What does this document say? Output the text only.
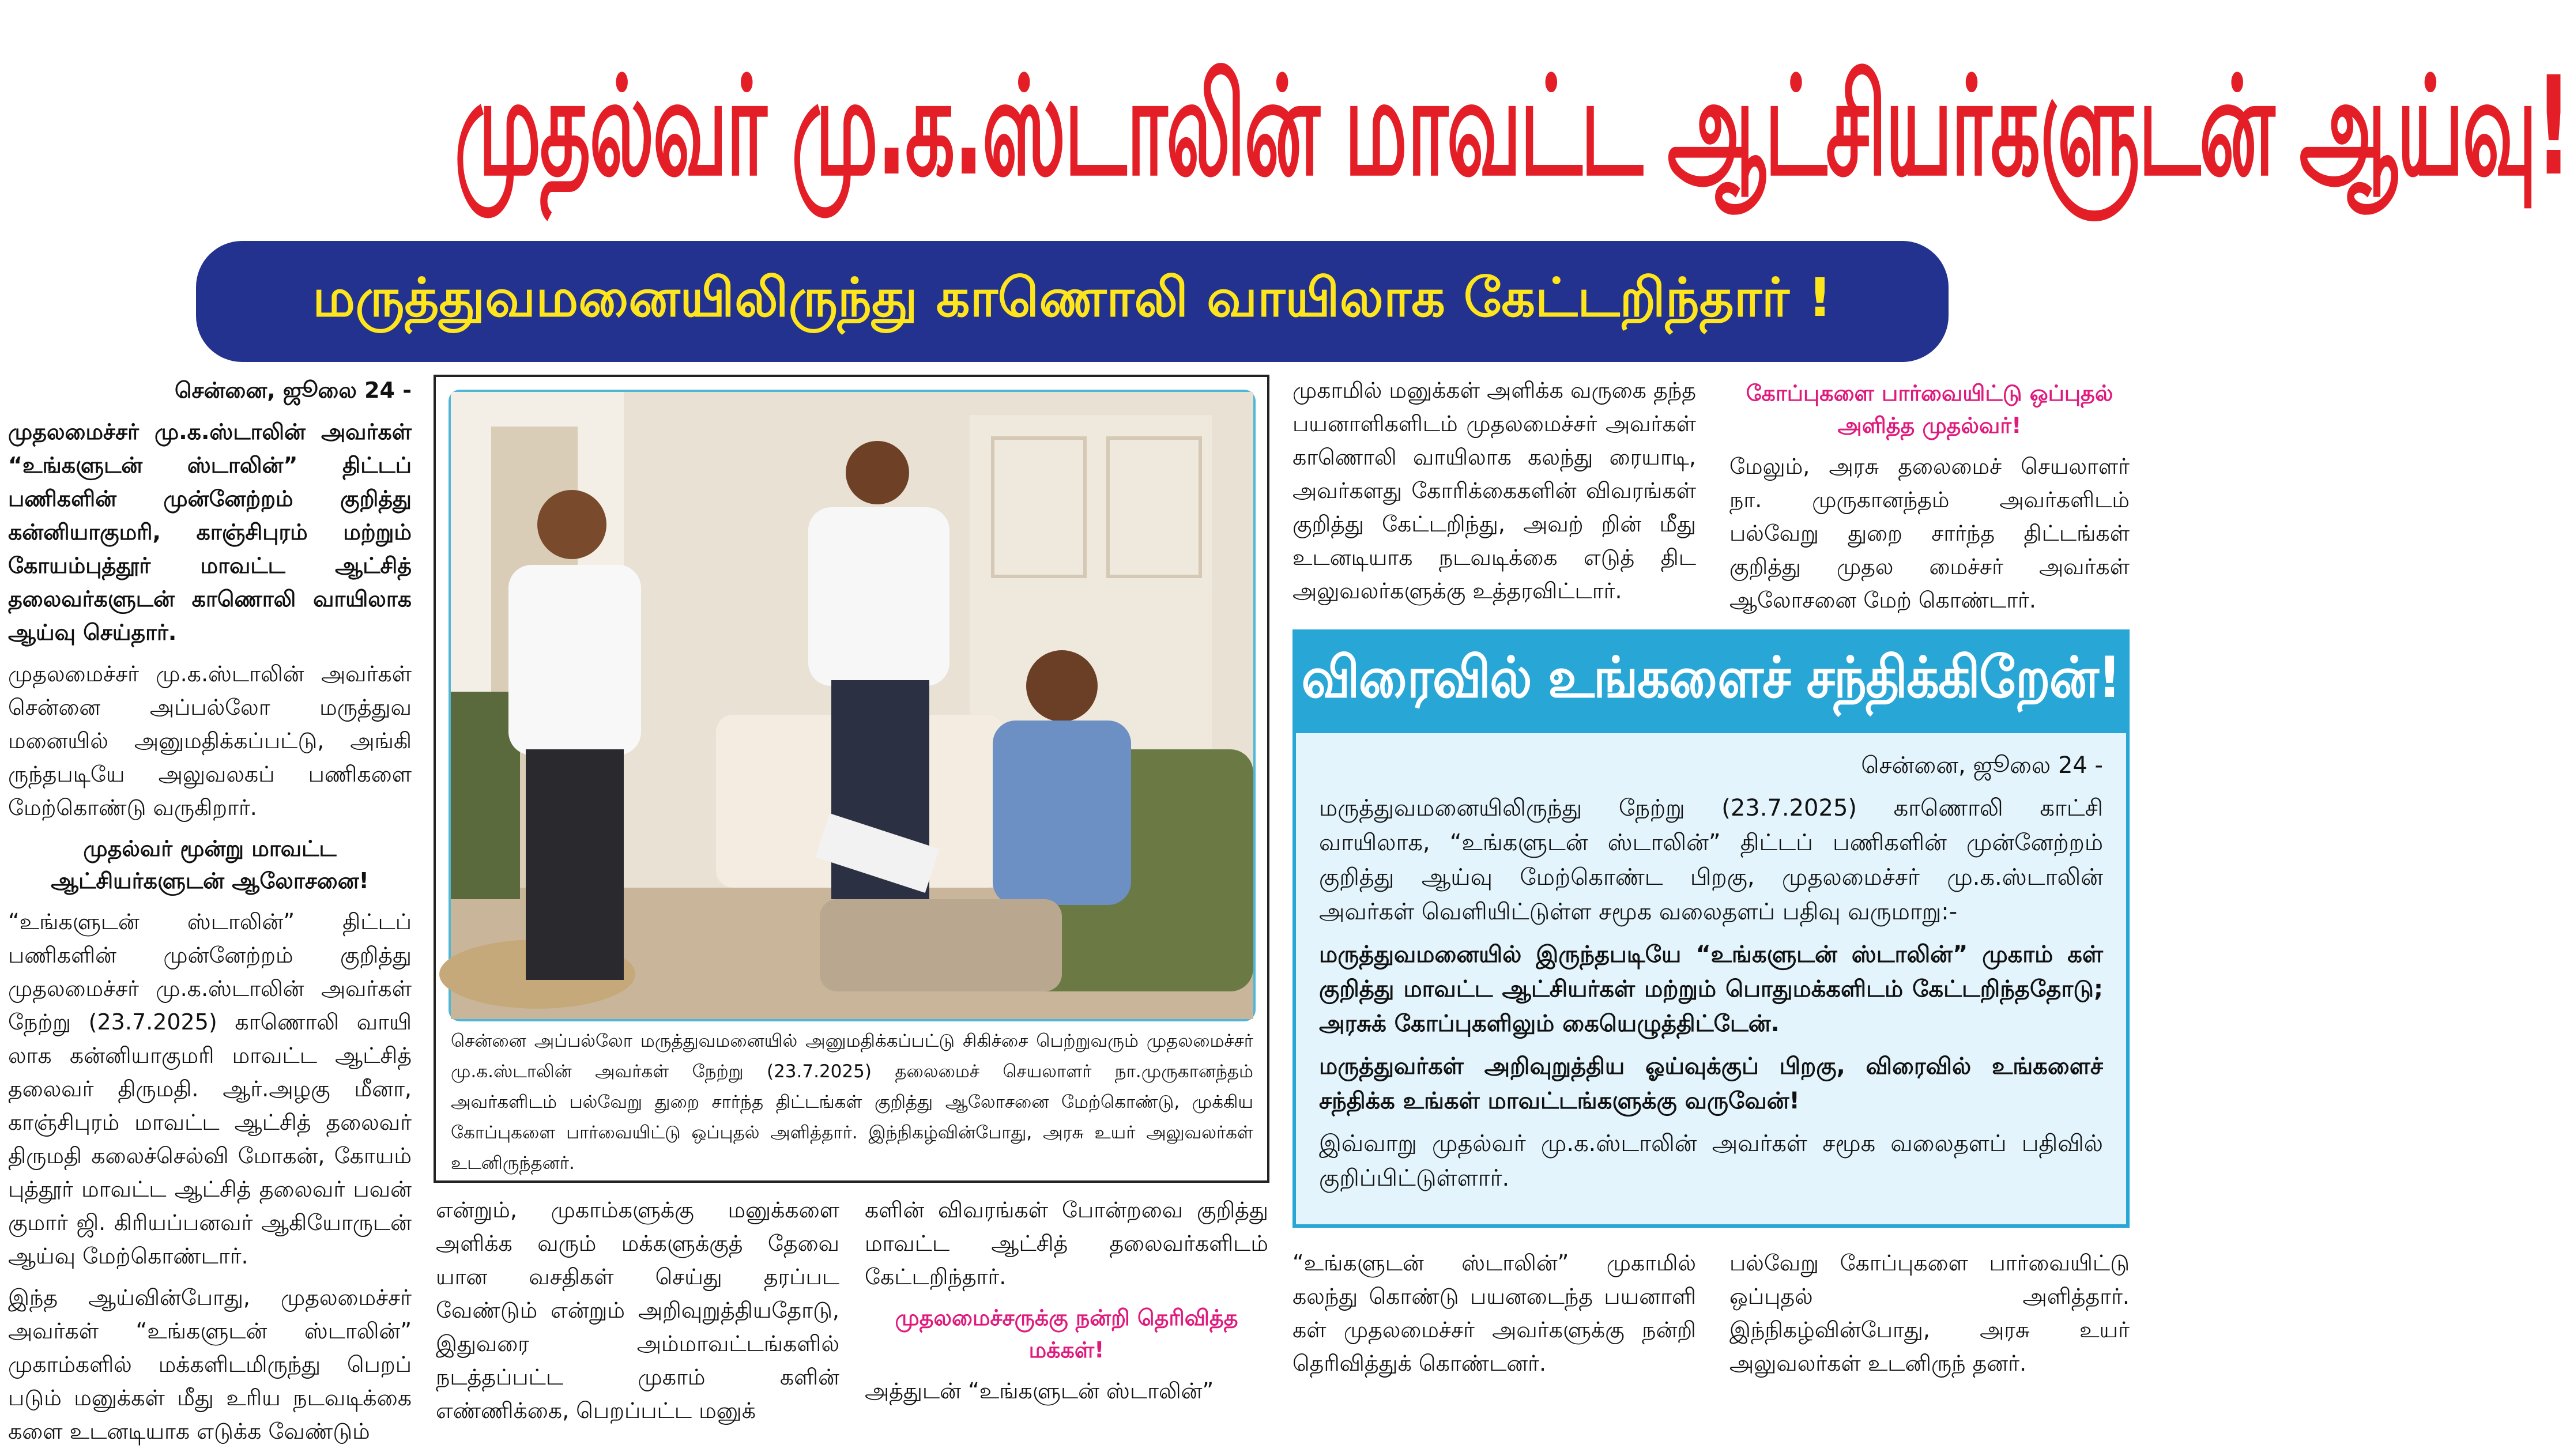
முதல்வர் மு.க.ஸ்டாலின் மாவட்ட ஆட்சியர்களுடன் ஆய்வு!
மருத்துவமனையிலிருந்து காணொலி வாயிலாக கேட்டறிந்தார் !

சென்னை, ஜூலை 24 -

முதலமைச்சர் மு.க.ஸ்டாலின் அவர்கள் “உங்களுடன் ஸ்டாலின்” திட்டப் பணிகளின் முன்னேற்றம் குறித்து கன்னியாகுமரி, காஞ்சிபுரம் மற்றும் கோயம்புத்தூர் மாவட்ட ஆட்சித் தலைவர்களுடன் காணொலி வாயிலாக ஆய்வு செய்தார்.

முதலமைச்சர் மு.க.ஸ்டாலின் அவர்கள் சென்னை அப்பல்லோ மருத்துவ மனையில் அனுமதிக்கப்பட்டு, அங்கி ருந்தபடியே அலுவலகப் பணிகளை மேற்கொண்டு வருகிறார்.

முதல்வர் மூன்று மாவட்ட ஆட்சியர்களுடன் ஆலோசனை!

“உங்களுடன் ஸ்டாலின்” திட்டப் பணிகளின் முன்னேற்றம் குறித்து முதலமைச்சர் மு.க.ஸ்டாலின் அவர்கள் நேற்று (23.7.2025) காணொலி வாயி லாக கன்னியாகுமரி மாவட்ட ஆட்சித் தலைவர் திருமதி. ஆர்.அழகு மீனா, காஞ்சிபுரம் மாவட்ட ஆட்சித் தலைவர் திருமதி கலைச்செல்வி மோகன், கோயம் புத்தூர் மாவட்ட ஆட்சித் தலைவர் பவன் குமார் ஜி. கிரியப்பனவர் ஆகியோருடன் ஆய்வு மேற்கொண்டார்.

இந்த ஆய்வின்போது, முதலமைச்சர் அவர்கள் “உங்களுடன் ஸ்டாலின்” முகாம்களில் மக்களிடமிருந்து பெறப் படும் மனுக்கள் மீது உரிய நடவடிக்கை களை உடனடியாக எடுக்க வேண்டும்

சென்னை அப்பல்லோ மருத்துவமனையில் அனுமதிக்கப்பட்டு சிகிச்சை பெற்றுவரும் முதலமைச்சர் மு.க.ஸ்டாலின் அவர்கள் நேற்று (23.7.2025) தலைமைச் செயலாளர் நா.முருகானந்தம் அவர்களிடம் பல்வேறு துறை சார்ந்த திட்டங்கள் குறித்து ஆலோசனை மேற்கொண்டு, முக்கிய கோப்புகளை பார்வையிட்டு ஒப்புதல் அளித்தார். இந்நிகழ்வின்போது, அரசு உயர் அலுவலர்கள் உடனிருந்தனர்.

என்றும், முகாம்களுக்கு மனுக்களை அளிக்க வரும் மக்களுக்குத் தேவை யான வசதிகள் செய்து தரப்பட வேண்டும் என்றும் அறிவுறுத்தியதோடு, இதுவரை அம்மாவட்டங்களில் நடத்தப்பட்ட முகாம் களின் எண்ணிக்கை, பெறப்பட்ட மனுக்

களின் விவரங்கள் போன்றவை குறித்து மாவட்ட ஆட்சித் தலைவர்களிடம் கேட்டறிந்தார்.

முதலமைச்சருக்கு நன்றி தெரிவித்த மக்கள்!

அத்துடன் “உங்களுடன் ஸ்டாலின்”

முகாமில் மனுக்கள் அளிக்க வருகை தந்த பயனாளிகளிடம் முதலமைச்சர் அவர்கள் காணொலி வாயிலாக கலந்து ரையாடி, அவர்களது கோரிக்கைகளின் விவரங்கள் குறித்து கேட்டறிந்து, அவற் றின் மீது உடனடியாக நடவடிக்கை எடுத் திட அலுவலர்களுக்கு உத்தரவிட்டார்.

கோப்புகளை பார்வையிட்டு ஒப்புதல் அளித்த முதல்வர்!

மேலும், அரசு தலைமைச் செயலாளர் நா. முருகானந்தம் அவர்களிடம் பல்வேறு துறை சார்ந்த திட்டங்கள் குறித்து முதல மைச்சர் அவர்கள் ஆலோசனை மேற் கொண்டார்.

விரைவில் உங்களைச் சந்திக்கிறேன்!

சென்னை, ஜூலை 24 -

மருத்துவமனையிலிருந்து நேற்று (23.7.2025) காணொலி காட்சி வாயிலாக, “உங்களுடன் ஸ்டாலின்” திட்டப் பணிகளின் முன்னேற்றம் குறித்து ஆய்வு மேற்கொண்ட பிறகு, முதலமைச்சர் மு.க.ஸ்டாலின் அவர்கள் வெளியிட்டுள்ள சமூக வலைதளப் பதிவு வருமாறு:-

மருத்துவமனையில் இருந்தபடியே “உங்களுடன் ஸ்டாலின்” முகாம் கள் குறித்து மாவட்ட ஆட்சியர்கள் மற்றும் பொதுமக்களிடம் கேட்டறிந்ததோடு; அரசுக் கோப்புகளிலும் கையெழுத்திட்டேன்.

மருத்துவர்கள் அறிவுறுத்திய ஓய்வுக்குப் பிறகு, விரைவில் உங்களைச் சந்திக்க உங்கள் மாவட்டங்களுக்கு வருவேன்!

இவ்வாறு முதல்வர் மு.க.ஸ்டாலின் அவர்கள் சமூக வலைதளப் பதிவில் குறிப்பிட்டுள்ளார்.

“உங்களுடன் ஸ்டாலின்” முகாமில் கலந்து கொண்டு பயனடைந்த பயனாளி கள் முதலமைச்சர் அவர்களுக்கு நன்றி தெரிவித்துக் கொண்டனர்.

பல்வேறு கோப்புகளை பார்வையிட்டு ஒப்புதல் அளித்தார். இந்நிகழ்வின்போது, அரசு உயர் அலுவலர்கள் உடனிருந் தனர்.
